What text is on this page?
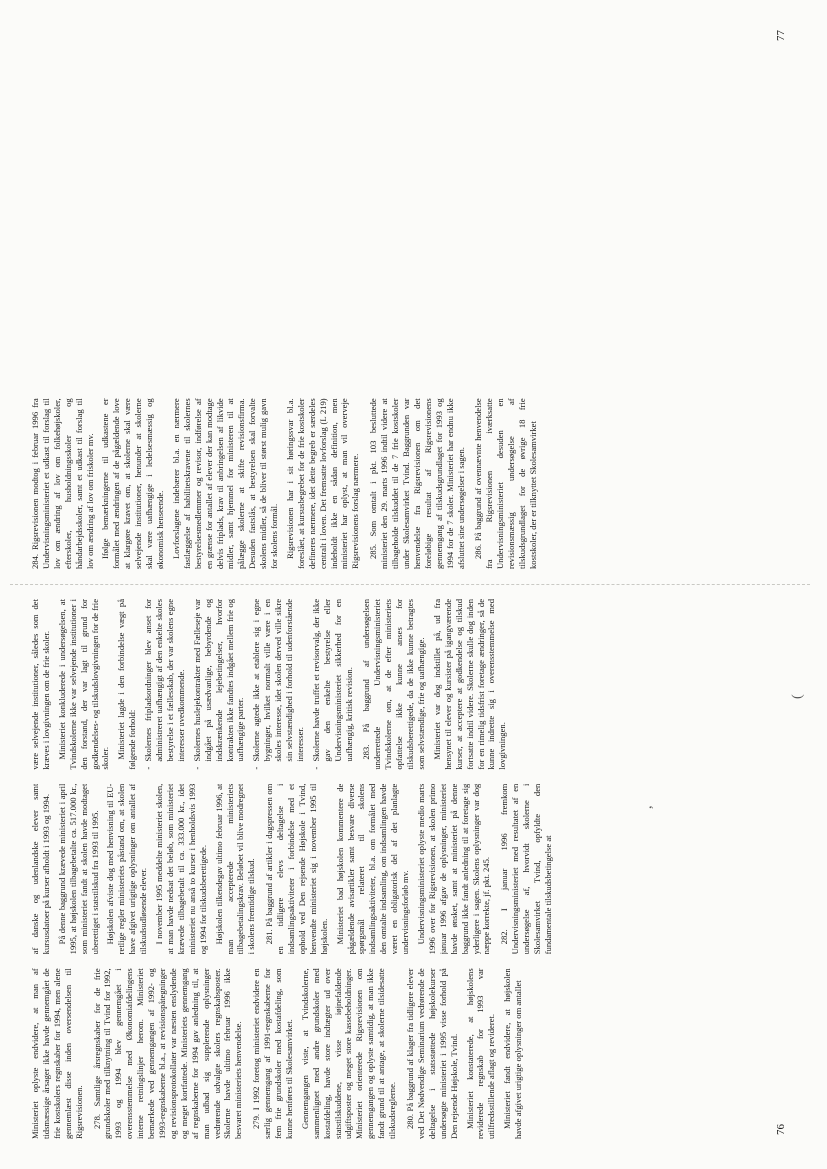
Ministeriet oplyste endvidere, at man af tidsmæssige årsager ikke havde gennemgået de frie kostskolers regnskaber for 1994, men alene gennemlæst disse inden oversendelsen til Rigsrevisionen. 278. Samtlige årsregnskaber for de frie grundskoler med tilknytning til Tvind for 1992, 1993 og 1994 blev gennemgået i overensstemmelse med Økonomiafdelingens interne retningslinjer herom. Ministeriet bemærkede ved gennemgangen af 1992- og 1993-regnskaberne bl.a., at revisionspåtegninger og revisionsprotokollater var næsten enslydende og meget kortfattede. Ministeriets gennemgang af regnskaberne for 1994 gav anledning til, at man udbad sig supplerende oplysninger vedrørende udvalgte skolers regnskabsposter. Skolerne havde ultimo februar 1996 ikke besvaret ministeriets henvendelse. 279. I 1992 foretog ministeriet endvidere en særlig gennemgang af 1991-regnskaberne for fem frie grundskoler med kostafdeling, som kunne henføres til Skolesamvirket. Gennemgangen viste, at Tvindskolerne, sammenlignet med andre grundskoler med kostafdeling, havde store indtægter ud over statstilskuddene, visse iøjnefaldende udgiftsposter og meget store kassebeholdninger. Ministeriet orienterede Rigsrevisionen om gennemgangen og oplyste samtidig, at man ikke fandt grund til at antage, at skolerne tilsidesatte tilskudsreglerne. 280. På baggrund af klager fra tidligere elever ved Det Nødvendige Seminarium vedrørende de deltagelse i statsstøttede højskolekurser undersøgte ministeriet i 1995 visse forhold på Den rejsende Højskole, Tvind. Ministeriet konstaterede, at højskolens reviderede regnskab for 1993 var utilfredsstillende aflagt og revideret. Ministeriet fandt endvidere, at højskolen havde afgivet urigtige oplysninger om antallet

af danske og udenlandske elever samt kursusdatoer på kurser afholdt i 1993 og 1994. På denne baggrund krævede ministeriet i april 1995, at højskolen tilbagebetalte ca. 517.000 kr., som ministeriet fandt at skolen havde modtaget uberettiget i statstilskud fra 1993 til 1995. Højskolen afviste dog med henvisning til EU-retlige regler ministeriets påstand om, at skolen have afgivet urigtige oplysninger om antallet af tilskudsudløsende elever. I november 1995 meddelte ministeriet skolen, at man havde nedsat det beløb, som ministeriet krævede tilbagebetalt til ca. 333.000 kr., idet ministeriet nu anså to kurser i henholdsvis 1993 og 1994 for tilskudsberettigede. Højskolen tilkendegav ultimo februar 1996, at man accepterede ministeriets tilbagebetalingskrav. Beløbet vil blive modregnet i skolens fremtidige tilskud. 281. På baggrund af artikler i dagspressen om en tidligere elevs deltagelse i indsamlingsaktiviteter i forbindelse med et ophold ved Den rejsende Højskole i Tvind, henvendte ministeriet sig i november 1995 til højskolen. Ministeriet bad højskolen kommentere de pågældende avisartikler samt besvare diverse spørgsmål relateret til skolens indsamlingsaktiviteter, bl.a. om formålet med den omtalte indsamling, om indsamlingen havde været en obligatorisk del af det planlagte undervisningsforløb mv. Undervisningsministeriet oplyste medio marts 1996 over for Rigsrevisionen, at skolen primo januar 1996 afgav de oplysninger, ministeriet havde ønsket, samt at ministeriet på denne baggrund ikke fandt anledning til at foretage sig yderligere i sagen. Skolens oplysninger var dog næppe korrekte, jf. pkt. 245. 282. I januar 1996 fremkom Undervisningsministeriet med resultatet af en undersøgelse af, hvorvidt skolerne i Skolesamvirket Tvind, opfyldte den fundamentale tilskudsbetingelse at

være selvejende institutioner, således som det kræves i lovgivningen om de frie skoler. Ministeriet konkluderede i undersøgelsen, at Tvindskolerne ikke var selvejende institutioner i den forstand, der var lagt til grund for godkendelses- og tilskudslovgivningen for de frie skoler. Ministeriet lagde i den forbindelse vægt på følgende forhold: - Skolernes fripladsordninger blev anset for administreret uafhængigt af den enkelte skoles bestyrelse i et fællesskab, der var skolens egne interesser uvedkommende. - Skolernes huslejekontrakter med Fælleseje var indgået på usædvanlige, bebyrdende og indskrænkende lejebetingelser, hvorfor kontrakten ikke fandtes indgået mellem frie og uafhængige parter. - Skolerne agtede ikke at etablere sig i egne bygninger, hvilket normalt ville være i en skoles interesse, idet skolen derved ville sikre sin selvstændighed i forhold til udenforstående interesser. - Skolerne havde truffet et revisorvalg, der ikke gav den enkelte bestyrelse eller Undervisningsministeriet sikkerhed for en uafhængig, kritisk revision. 283. På baggrund af undersøgelsen underrettede Undervisningsministeriet Tvindskolerne om, at de efter ministeriets opfattelse ikke kunne anses for tilskudsberettigede, da de ikke kunne betragtes som selvstændige, frie og uafhængige. Ministeriet var dog indstillet på, ud fra hensynet til elever og kursister på igangværende kurser, at acceptere at godkendelse og tilskud fortsatte indtil videre. Skolerne skulle dog inden for en rimelig tidsfrist foretage ændringer, så de kunne indrette sig i overensstemmelse med lovgivningen.

76

284. Rigsrevisionen modtog i februar 1996 fra Undervisningsministeriet et udkast til forslag til lov om ændring af lov om folkehøjskoler, efterskoler, husholdningsskoler og håndarbejdsskoler, samt et udkast til forslag til lov om ændring af lov om friskoler mv. Ifølge bemærkningerne til udkastene er formålet med ændringen af de pågældende love at klargøre kravet om, at skolerne skal være selvejende institutioner, henunder at skolerne skal være uafhængige i ledelsesmæssig og økonomisk henseende. Lovforslagene indebærer bl.a. en nærmere fastlæggelse af habilitetskravene til skolernes bestyrelsesmedlemmer og revisor, indførelse af en grænse for antallet af elever der kan modtage delvis friplads, krav til anbringelsen af likvide midler, samt hjemmel for ministeren til at pålægge skolerne at skifte revisionsfirma. Desuden fastslås, at bestyrelsen skal forvalte skolens midler, så de bliver til størst mulig gavn for skolens formål. Rigsrevisionen har i sit høringssvar bl.a. foreslået, at kursusbegrebet for de frie kostskoler defineres nærmere, idet dette begreb er særdeles centralt i loven. Det fremsatte lovforslag (L 219) indeholdt ikke en sådan definition, men ministeriet har oplyst, at man vil overveje Rigsrevisionens forslag nærmere. 285. Som omtalt i pkt. 103 besluttede ministeriet den 29. marts 1996 indtil videre at tilbageholde tilskuddet til de 7 frie kostskoler under Skolesamvirket Tvind. Baggrunden var henvendelse fra Rigsrevisionen om det foreløbige resultat af Rigsrevisionens gennemgang af tilskudsgrundlaget for 1993 og 1994 for de 7 skoler. Ministeriet har endnu ikke afsluttet sine undersøgelser i sagen. 286. På baggrund af ovennævnte henvendelse fra Rigsrevisionen iværksatte Undervisningsministeriet desuden en revisionsmæssig undersøgelse af tilskudsgrundlaget for de øvrige 18 frie kostskoler, der er tilknyttet Skolesamvirket

77
,
(
